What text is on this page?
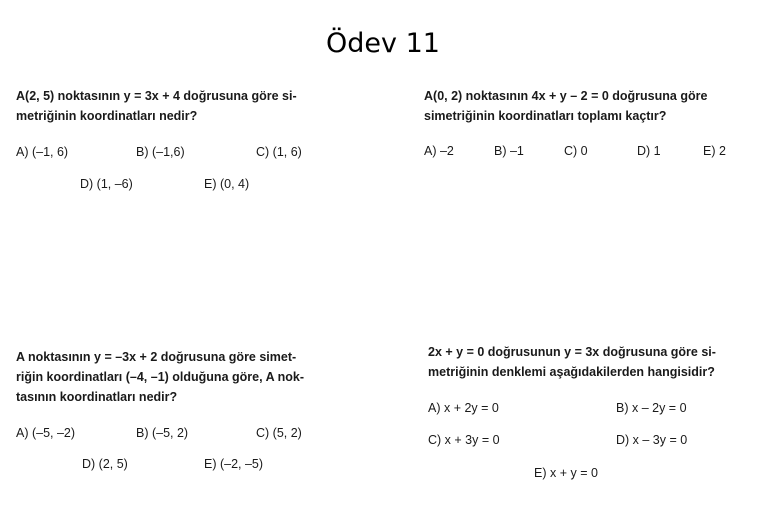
Ödev 11
A(2, 5) noktasının y = 3x + 4 doğrusuna göre si-
metriğinin koordinatları nedir?
A) (–1, 6)	B) (–1,6)	C) (1, 6)
D) (1, –6)	E) (0, 4)
A(0, 2) noktasının 4x + y – 2 = 0 doğrusuna göre
simetriğinin koordinatları toplamı kaçtır?
A) –2	B) –1	C) 0	D) 1	E) 2
A noktasının y = –3x + 2 doğrusuna göre simet-
riğin koordinatları (–4, –1) olduğuna göre, A nok-
tasının koordinatları nedir?
A) (–5, –2)	B) (–5, 2)	C) (5, 2)
D) (2, 5)	E) (–2, –5)
2x + y = 0 doğrusunun y = 3x doğrusuna göre si-
metriğinin denklemi aşağıdakilerden hangisidir?
A) x + 2y = 0	B) x – 2y = 0
C) x + 3y = 0	D) x – 3y = 0
E) x + y = 0
